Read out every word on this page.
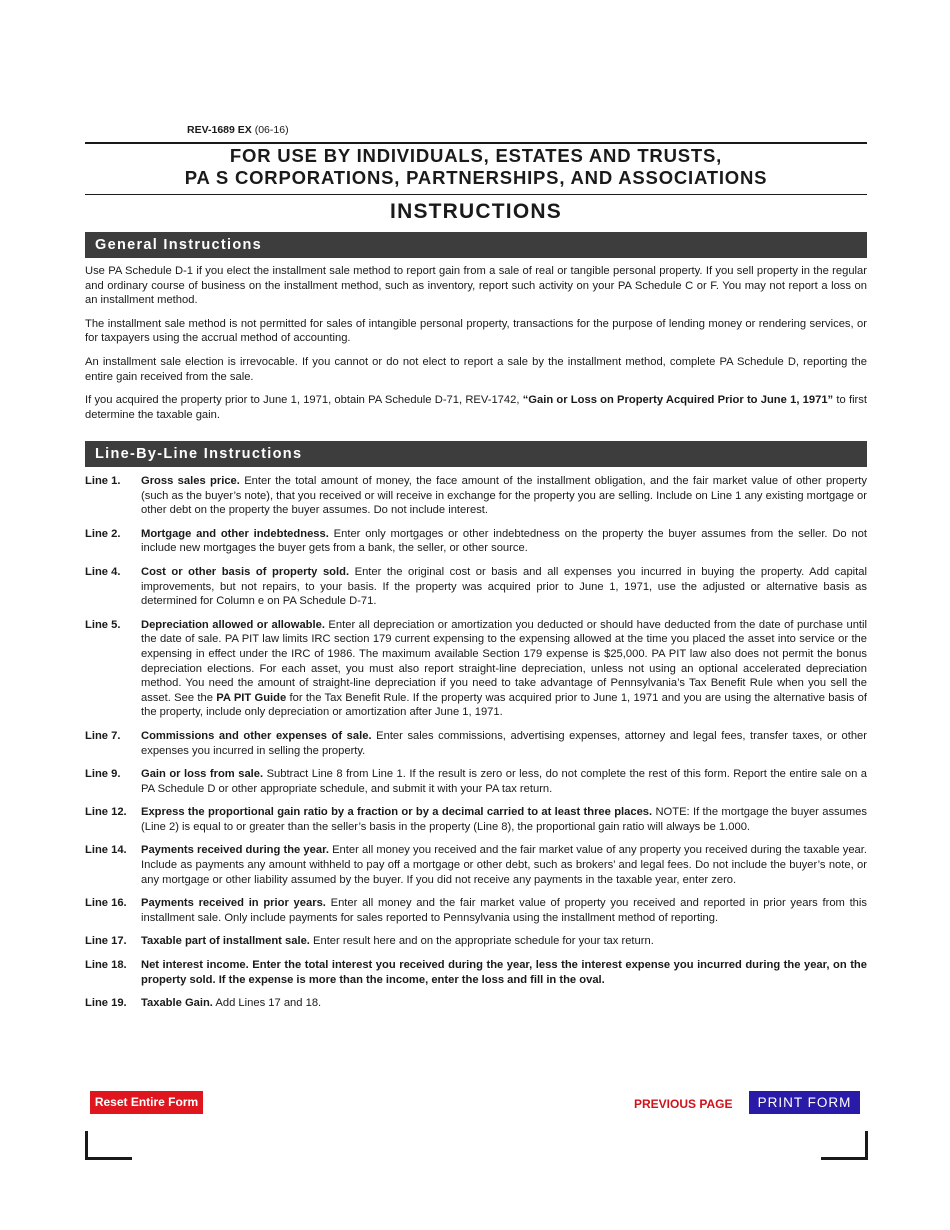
REV-1689 EX (06-16)
FOR USE BY INDIVIDUALS, ESTATES AND TRUSTS,
PA S CORPORATIONS, PARTNERSHIPS, AND ASSOCIATIONS
INSTRUCTIONS
General Instructions

Use PA Schedule D-1 if you elect the installment sale method to report gain from a sale of real or tangible personal property. If you sell property in the regular and ordinary course of business on the installment method, such as inventory, report such activity on your PA Schedule C or F. You may not report a loss on an installment method.

The installment sale method is not permitted for sales of intangible personal property, transactions for the purpose of lending money or rendering services, or for taxpayers using the accrual method of accounting.

An installment sale election is irrevocable. If you cannot or do not elect to report a sale by the installment method, complete PA Schedule D, reporting the entire gain received from the sale.

If you acquired the property prior to June 1, 1971, obtain PA Schedule D-71, REV-1742, “Gain or Loss on Property Acquired Prior to June 1, 1971” to first determine the taxable gain.

Line-By-Line Instructions
Line 1.	Gross sales price. Enter the total amount of money, the face amount of the installment obligation, and the fair market value of other property (such as the buyer’s note), that you received or will receive in exchange for the property you are selling. Include on Line 1 any existing mortgage or other debt on the property the buyer assumes. Do not include interest.
Line 2.	Mortgage and other indebtedness. Enter only mortgages or other indebtedness on the property the buyer assumes from the seller. Do not include new mortgages the buyer gets from a bank, the seller, or other source.
Line 4.	Cost or other basis of property sold. Enter the original cost or basis and all expenses you incurred in buying the property. Add capital improvements, but not repairs, to your basis. If the property was acquired prior to June 1, 1971, use the adjusted or alternative basis as determined for Column e on PA Schedule D-71.
Line 5.	Depreciation allowed or allowable. Enter all depreciation or amortization you deducted or should have deducted from the date of purchase until the date of sale. PA PIT law limits IRC section 179 current expensing to the expensing allowed at the time you placed the asset into service or the expensing in effect under the IRC of 1986. The maximum available Section 179 expense is $25,000. PA PIT law also does not permit the bonus depreciation elections. For each asset, you must also report straight-line depreciation, unless not using an optional accelerated depreciation method. You need the amount of straight-line depreciation if you need to take advantage of Pennsylvania’s Tax Benefit Rule when you sell the asset. See the PA PIT Guide for the Tax Benefit Rule. If the property was acquired prior to June 1, 1971 and you are using the alternative basis of the property, include only depreciation or amortization after June 1, 1971.
Line 7.	Commissions and other expenses of sale. Enter sales commissions, advertising expenses, attorney and legal fees, transfer taxes, or other expenses you incurred in selling the property.
Line 9.	Gain or loss from sale. Subtract Line 8 from Line 1. If the result is zero or less, do not complete the rest of this form. Report the entire sale on a PA Schedule D or other appropriate schedule, and submit it with your PA tax return.
Line 12.	Express the proportional gain ratio by a fraction or by a decimal carried to at least three places. NOTE: If the mortgage the buyer assumes (Line 2) is equal to or greater than the seller’s basis in the property (Line 8), the proportional gain ratio will always be 1.000.
Line 14.	Payments received during the year. Enter all money you received and the fair market value of any property you received during the taxable year. Include as payments any amount withheld to pay off a mortgage or other debt, such as brokers’ and legal fees. Do not include the buyer’s note, or any mortgage or other liability assumed by the buyer. If you did not receive any payments in the taxable year, enter zero.
Line 16.	Payments received in prior years. Enter all money and the fair market value of property you received and reported in prior years from this installment sale. Only include payments for sales reported to Pennsylvania using the installment method of reporting.
Line 17.	Taxable part of installment sale. Enter result here and on the appropriate schedule for your tax return.
Line 18.	Net interest income. Enter the total interest you received during the year, less the interest expense you incurred during the year, on the property sold. If the expense is more than the income, enter the loss and fill in the oval.
Line 19.	Taxable Gain. Add Lines 17 and 18.
Reset Entire Form	PREVIOUS PAGE	PRINT FORM
